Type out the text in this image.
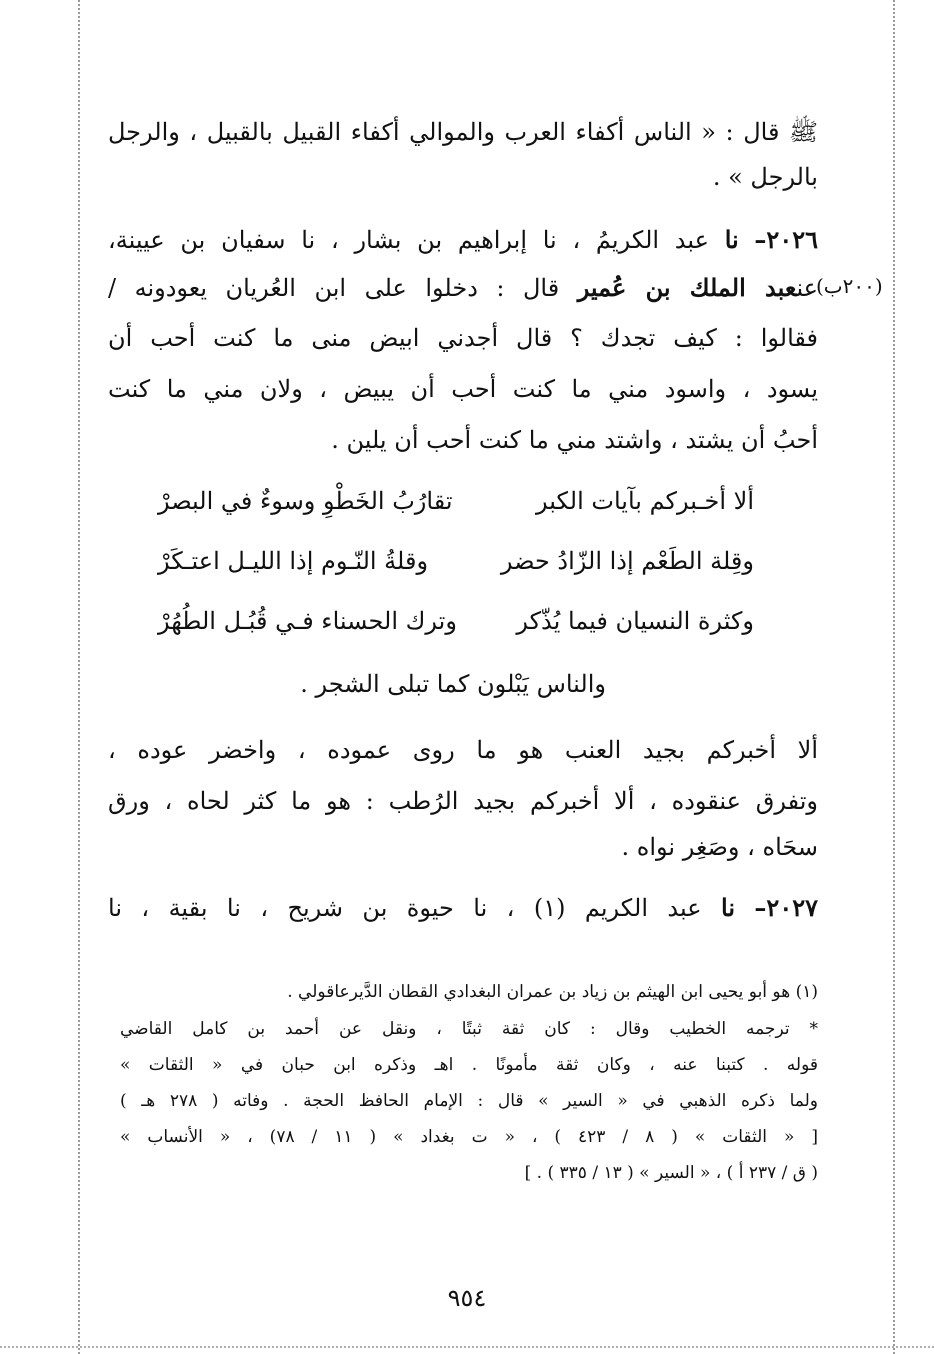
ﷺ قال : « الناس أكفاء العرب والموالي أكفاء القبيل بالقبيل ، والرجل
بالرجل » .
٢٠٢٦– نا عبد الكريمُ ، نا إبراهيم بن بشار ، نا سفيان بن عيينة،
(٢٠٠ب)
عنعبد الملك بن عُمير قال : دخلوا على ابن العُريان يعودونه /
فقالوا : كيف تجدك ؟ قال أجدني ابيض منى ما كنت أحب أن
يسود ، واسود مني ما كنت أحب أن يبيض ، ولان مني ما كنت
أحبُ أن يشتد ، واشتد مني ما كنت أحب أن يلين .
ألا أخـبركم بآيات الكبر
تقارُبُ الخَطْوِ وسوءٌ في البصرْ
وقِلة الطَعْم إذا الزّادُ حضر
وقلةُ النّـوم إذا الليـل اعتـكَرْ
وكثرة النسيان فيما يُذّكر
وترك الحسناء فـي قُبُـل الطُهُرْ
والناس يَبْلون كما تبلى الشجر .
ألا أخبركم بجيد العنب هو ما روى عموده ، واخضر عوده ،
وتفرق عنقوده ، ألا أخبركم بجيد الرُطب : هو ما كثر لحاه ، ورق
سحَاه ، وصَغِر نواه .
٢٠٢٧– نا عبد الكريم (١) ، نا حيوة بن شريح ، نا بقية ، نا
(١) هو أبو يحيى ابن الهيثم بن زياد بن عمران البغدادي القطان الدَّيرعاقولي .
* ترجمه الخطيب وقال : كان ثقة ثبتًا ، ونقل عن أحمد بن كامل القاضي
قوله . كتبنا عنه ، وكان ثقة مأمونًا . اهـ وذكره ابن حبان في « الثقات »
ولما ذكره الذهبي في « السير » قال : الإمام الحافظ الحجة . وفاته ( ٢٧٨ هـ )
[ « الثقات » ( ٨ / ٤٢٣ ) ، « ت بغداد » ( ١١ / ٧٨) ، « الأنساب »
( ق / ٢٣٧ أ ) ، « السير » ( ١٣ / ٣٣٥ ) . ]
٩٥٤
